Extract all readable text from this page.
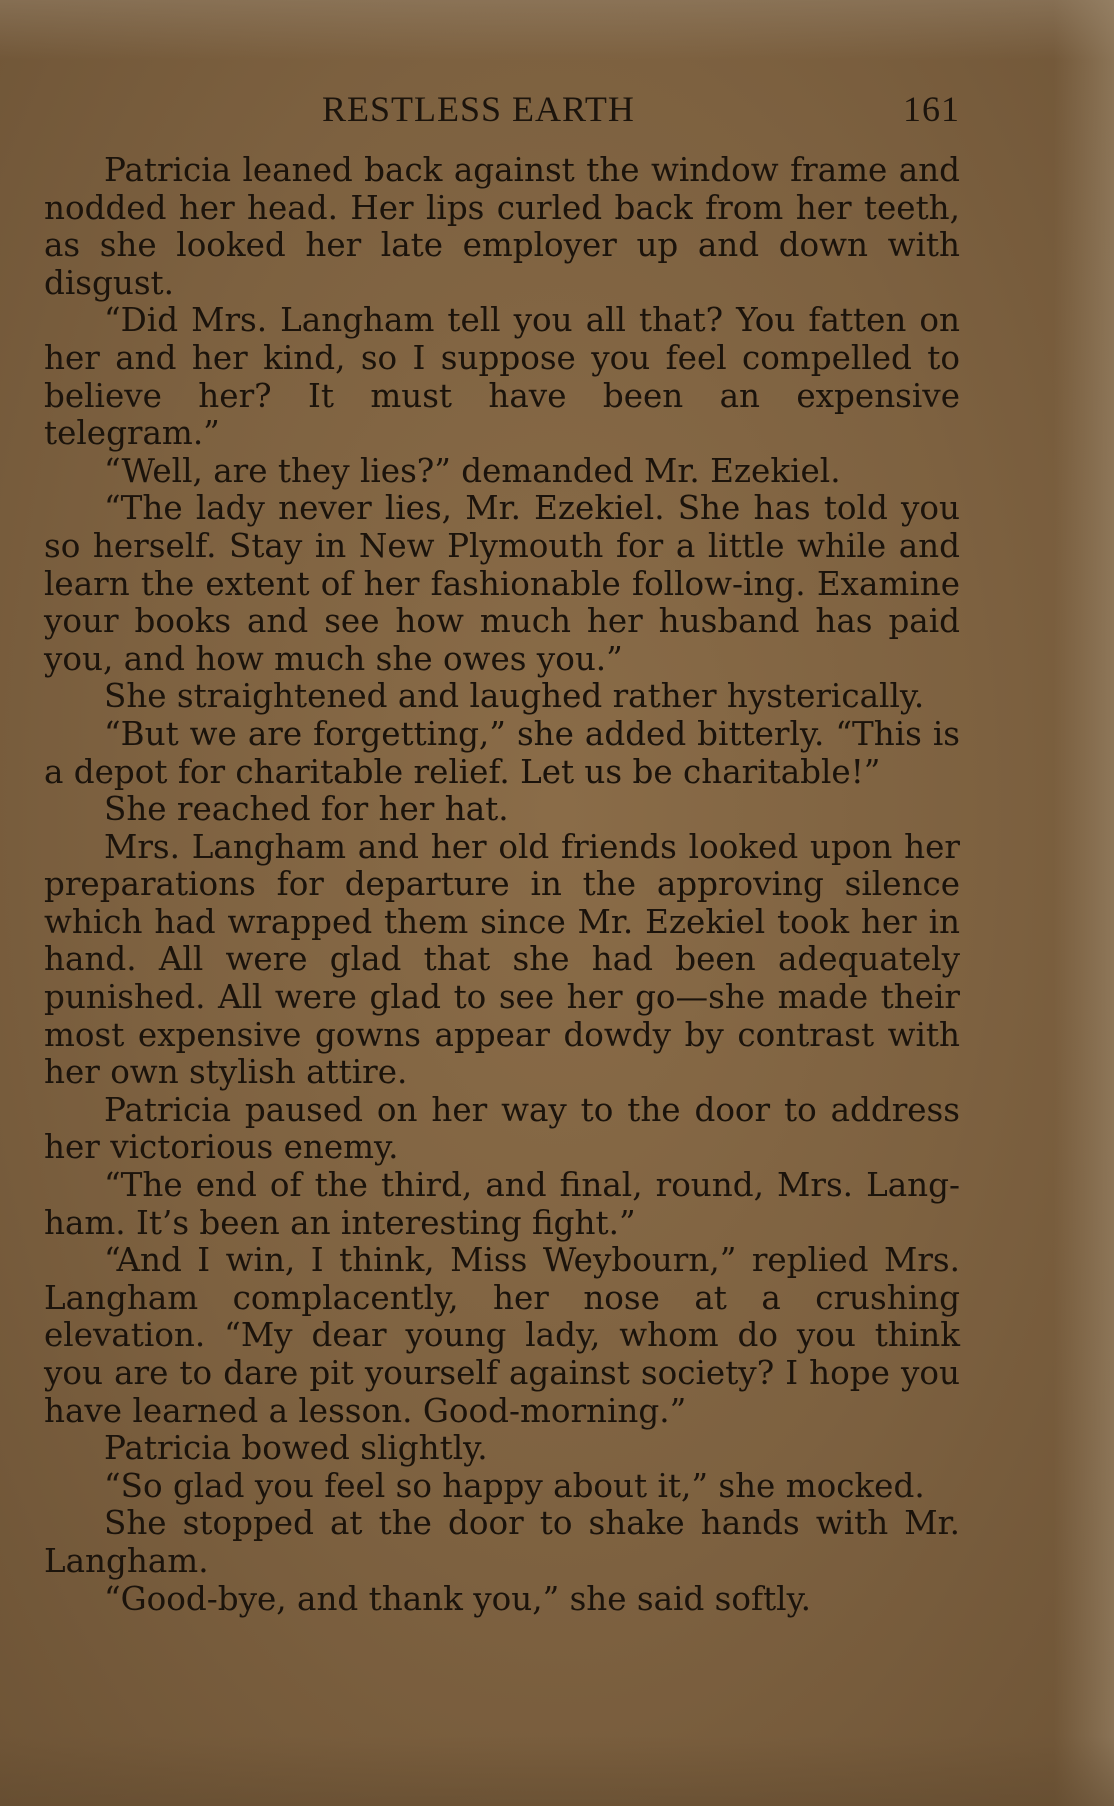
RESTLESS EARTH	161

Patricia leaned back against the window frame and nodded her head. Her lips curled back from her teeth, as she looked her late employer up and down with disgust.

“Did Mrs. Langham tell you all that? You fatten on her and her kind, so I suppose you feel compelled to believe her? It must have been an expensive telegram.”

“Well, are they lies?” demanded Mr. Ezekiel.

“The lady never lies, Mr. Ezekiel. She has told you so herself. Stay in New Plymouth for a little while and learn the extent of her fashionable follow-ing. Examine your books and see how much her husband has paid you, and how much she owes you.”

She straightened and laughed rather hysterically.

“But we are forgetting,” she added bitterly. “This is a depot for charitable relief. Let us be charitable!”

She reached for her hat.

Mrs. Langham and her old friends looked upon her preparations for departure in the approving silence which had wrapped them since Mr. Ezekiel took her in hand. All were glad that she had been adequately punished. All were glad to see her go—she made their most expensive gowns appear dowdy by contrast with her own stylish attire.

Patricia paused on her way to the door to address her victorious enemy.

“The end of the third, and final, round, Mrs. Lang-ham. It’s been an interesting fight.”

“And I win, I think, Miss Weybourn,” replied Mrs. Langham complacently, her nose at a crushing elevation. “My dear young lady, whom do you think you are to dare pit yourself against society? I hope you have learned a lesson. Good-morning.”

Patricia bowed slightly.

“So glad you feel so happy about it,” she mocked.

She stopped at the door to shake hands with Mr. Langham.

“Good-bye, and thank you,” she said softly.
